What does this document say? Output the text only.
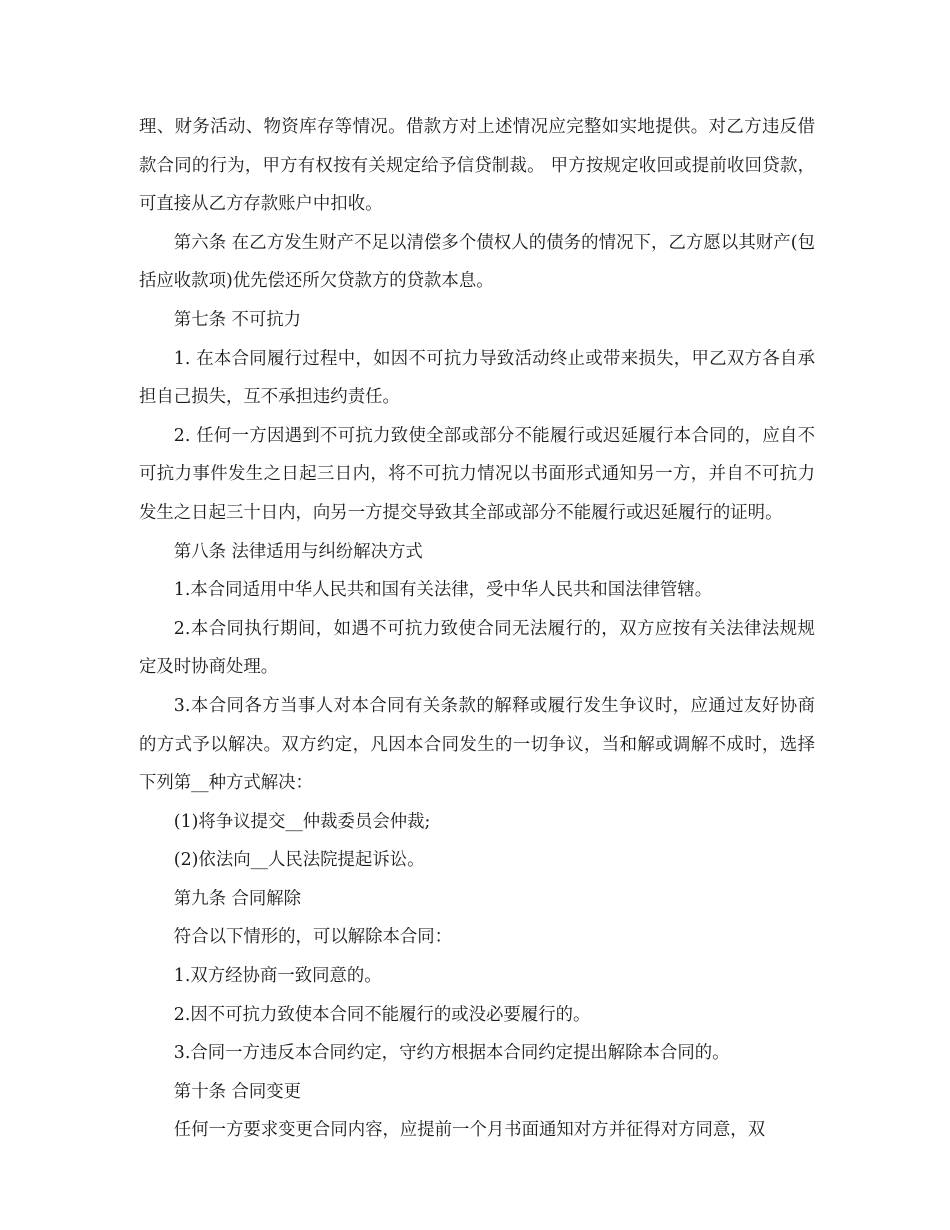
理、财务活动、物资库存等情况。借款方对上述情况应完整如实地提供。对乙方违反借款合同的行为，甲方有权按有关规定给予信贷制裁。 甲方按规定收回或提前收回贷款，可直接从乙方存款账户中扣收。

第六条 在乙方发生财产不足以清偿多个债权人的债务的情况下，乙方愿以其财产(包括应收款项)优先偿还所欠贷款方的贷款本息。

第七条 不可抗力

1. 在本合同履行过程中，如因不可抗力导致活动终止或带来损失，甲乙双方各自承担自己损失，互不承担违约责任。

2. 任何一方因遇到不可抗力致使全部或部分不能履行或迟延履行本合同的，应自不可抗力事件发生之日起三日内，将不可抗力情况以书面形式通知另一方，并自不可抗力发生之日起三十日内，向另一方提交导致其全部或部分不能履行或迟延履行的证明。

第八条 法律适用与纠纷解决方式

1.本合同适用中华人民共和国有关法律，受中华人民共和国法律管辖。

2.本合同执行期间，如遇不可抗力致使合同无法履行的，双方应按有关法律法规规定及时协商处理。

3.本合同各方当事人对本合同有关条款的解释或履行发生争议时，应通过友好协商的方式予以解决。双方约定，凡因本合同发生的一切争议，当和解或调解不成时，选择下列第__种方式解决：

(1)将争议提交__仲裁委员会仲裁;

(2)依法向__人民法院提起诉讼。

第九条 合同解除

符合以下情形的，可以解除本合同：

1.双方经协商一致同意的。

2.因不可抗力致使本合同不能履行的或没必要履行的。

3.合同一方违反本合同约定，守约方根据本合同约定提出解除本合同的。

第十条 合同变更

任何一方要求变更合同内容，应提前一个月书面通知对方并征得对方同意，双
